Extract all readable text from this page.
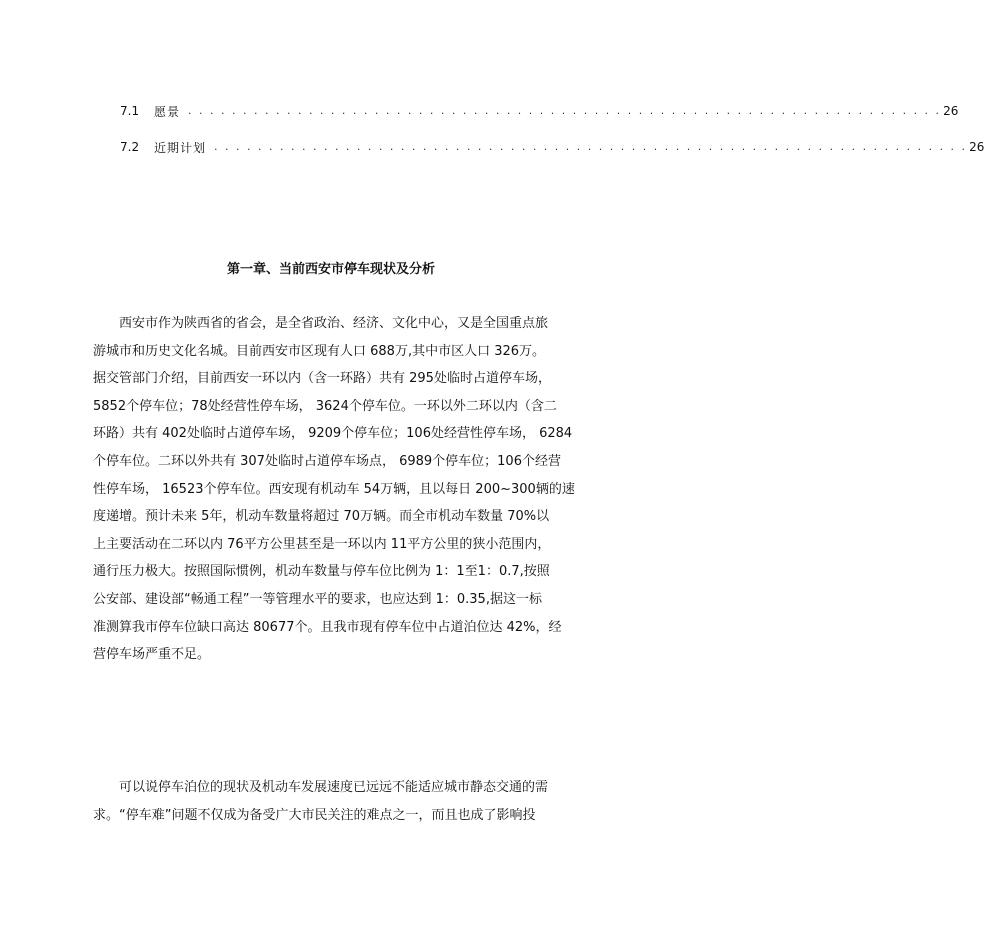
7.1	愿景 . . . . . . . . . . . . . . . . . . . . . . . . . . . . . . . . . . . . . . . . . . . . . . . . . . . . . . . . . . . . . . . . . . . . . 26
7.2	近期计划 . . . . . . . . . . . . . . . . . . . . . . . . . . . . . . . . . . . . . . . . . . . . . . . . . . . . . . . . . . . . . . . . . . . . . 26
第一章、当前西安市停车现状及分析
西安市作为陕西省的省会，是全省政治、经济、文化中心，又是全国重点旅
游城市和历史文化名城。目前西安市区现有人口 688万,其中市区人口 326万。
据交管部门介绍，目前西安一环以内（含一环路）共有 295处临时占道停车场，
5852个停车位；78处经营性停车场， 3624个停车位。一环以外二环以内（含二
环路）共有 402处临时占道停车场， 9209个停车位；106处经营性停车场， 6284
个停车位。二环以外共有 307处临时占道停车场点， 6989个停车位；106个经营
性停车场， 16523个停车位。西安现有机动车 54万辆，且以每日 200~300辆的速
度递增。预计未来 5年，机动车数量将超过 70万辆。而全市机动车数量 70%以
上主要活动在二环以内 76平方公里甚至是一环以内 11平方公里的狭小范围内，
通行压力极大。按照国际惯例，机动车数量与停车位比例为 1：1至1：0.7,按照
公安部、建设部“畅通工程”一等管理水平的要求，也应达到 1：0.35,据这一标
准测算我市停车位缺口高达 80677个。且我市现有停车位中占道泊位达 42%，经
营停车场严重不足。
可以说停车泊位的现状及机动车发展速度已远远不能适应城市静态交通的需
求。“停车难”问题不仅成为备受广大市民关注的难点之一，而且也成了影响投
